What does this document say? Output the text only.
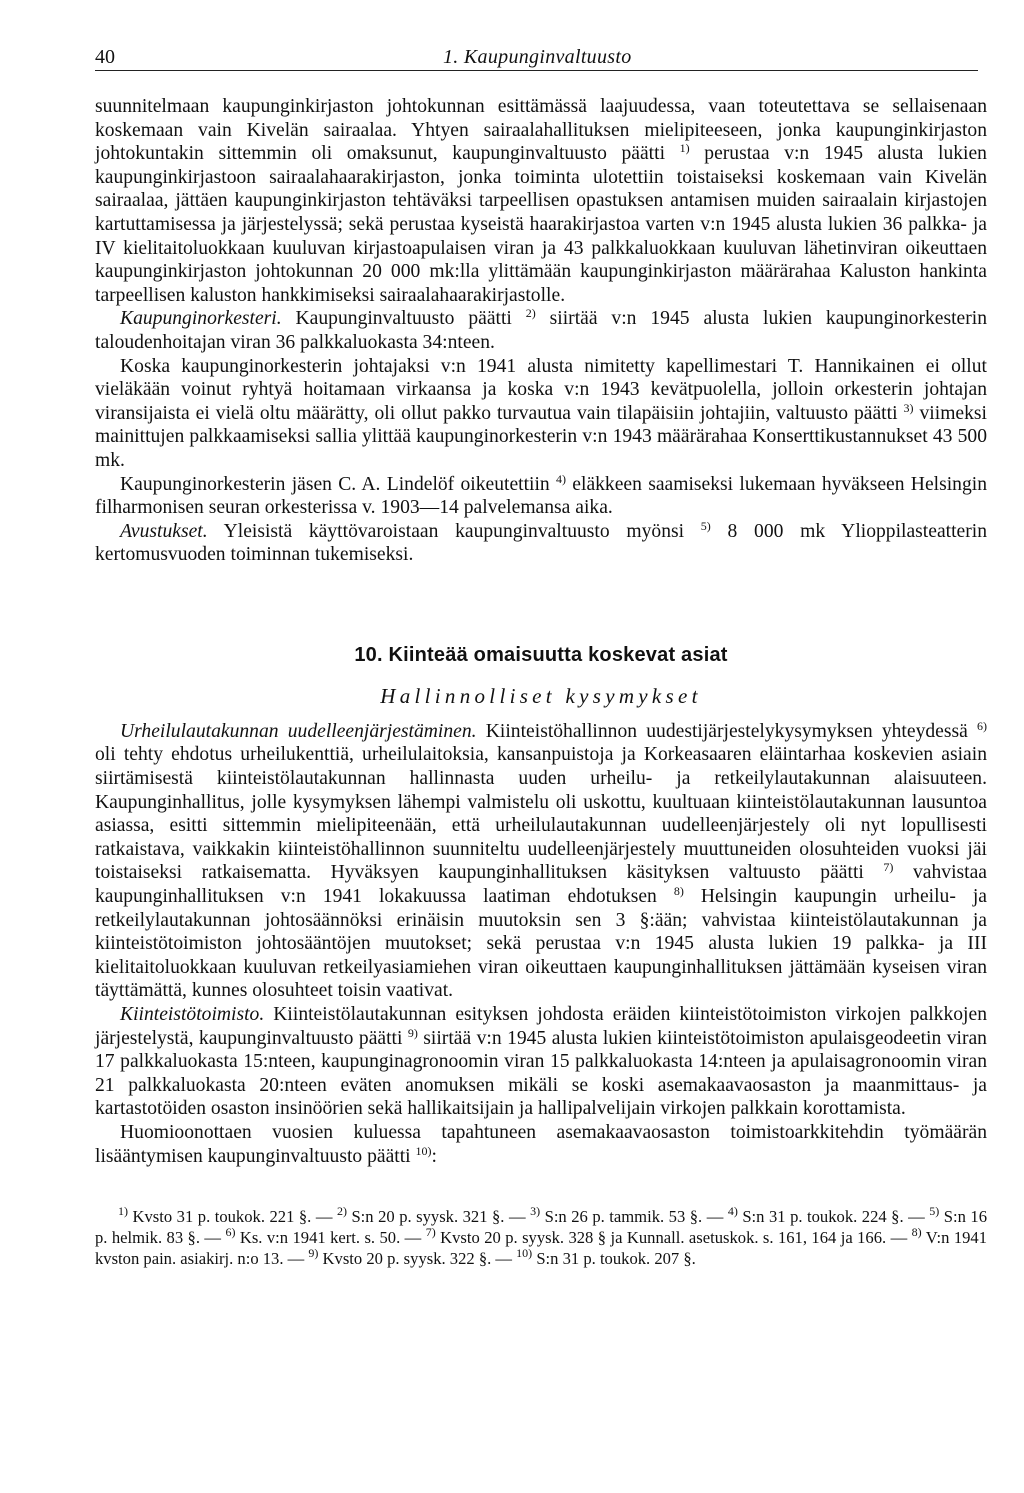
40	1. Kaupunginvaltuusto

suunnitelmaan kaupunginkirjaston johtokunnan esittämässä laajuudessa, vaan toteutettava se sellaisenaan koskemaan vain Kivelän sairaalaa. Yhtyen sairaalahallituksen mielipiteeseen, jonka kaupunginkirjaston johtokuntakin sittemmin oli omaksunut, kaupunginvaltuusto päätti $^{1)}$ perustaa v:n 1945 alusta lukien kaupunginkirjastoon sairaalahaarakirjaston, jonka toiminta ulotettiin toistaiseksi koskemaan vain Kivelän sairaalaa, jättäen kaupunginkirjaston tehtäväksi tarpeellisen opastuksen antamisen muiden sairaalain kirjastojen kartuttamisessa ja järjestelyssä; sekä perustaa kyseistä haarakirjastoa varten v:n 1945 alusta lukien 36 palkka- ja IV kielitaitoluokkaan kuuluvan kirjastoapulaisen viran ja 43 palkkaluokkaan kuuluvan lähetinviran oikeuttaen kaupunginkirjaston johtokunnan 20 000 mk:lla ylittämään kaupunginkirjaston määrärahaa Kaluston hankinta tarpeellisen kaluston hankkimiseksi sairaalahaarakirjastolle.

Kaupunginorkesteri. Kaupunginvaltuusto päätti $^{2)}$ siirtää v:n 1945 alusta lukien kaupunginorkesterin taloudenhoitajan viran 36 palkkaluokasta 34:nteen.

Koska kaupunginorkesterin johtajaksi v:n 1941 alusta nimitetty kapellimestari T. Hannikainen ei ollut vieläkään voinut ryhtyä hoitamaan virkaansa ja koska v:n 1943 kevätpuolella, jolloin orkesterin johtajan viransijaista ei vielä oltu määrätty, oli ollut pakko turvautua vain tilapäisiin johtajiin, valtuusto päätti $^{3)}$ viimeksi mainittujen palkkaamiseksi sallia ylittää kaupunginorkesterin v:n 1943 määrärahaa Konserttikustannukset 43 500 mk.

Kaupunginorkesterin jäsen C. A. Lindelöf oikeutettiin $^{4)}$ eläkkeen saamiseksi lukemaan hyväkseen Helsingin filharmonisen seuran orkesterissa v. 1903—14 palvelemansa aika.

Avustukset. Yleisistä käyttövaroistaan kaupunginvaltuusto myönsi $^{5)}$ 8 000 mk Ylioppilasteatterin kertomusvuoden toiminnan tukemiseksi.

10. Kiinteää omaisuutta koskevat asiat
Hallinnolliset kysymykset

Urheilulautakunnan uudelleenjärjestäminen. Kiinteistöhallinnon uudestijärjestelykysymyksen yhteydessä $^{6)}$ oli tehty ehdotus urheilukenttiä, urheilulaitoksia, kansanpuistoja ja Korkeasaaren eläintarhaa koskevien asiain siirtämisestä kiinteistölautakunnan hallinnasta uuden urheilu- ja retkeilylautakunnan alaisuuteen. Kaupunginhallitus, jolle kysymyksen lähempi valmistelu oli uskottu, kuultuaan kiinteistölautakunnan lausuntoa asiassa, esitti sittemmin mielipiteenään, että urheilulautakunnan uudelleenjärjestely oli nyt lopullisesti ratkaistava, vaikkakin kiinteistöhallinnon suunniteltu uudelleenjärjestely muuttuneiden olosuhteiden vuoksi jäi toistaiseksi ratkaisematta. Hyväksyen kaupunginhallituksen käsityksen valtuusto päätti $^{7)}$ vahvistaa kaupunginhallituksen v:n 1941 lokakuussa laatiman ehdotuksen $^{8)}$ Helsingin kaupungin urheilu- ja retkeilylautakunnan johtosäännöksi erinäisin muutoksin sen 3 §:ään; vahvistaa kiinteistölautakunnan ja kiinteistötoimiston johtosääntöjen muutokset; sekä perustaa v:n 1945 alusta lukien 19 palkka- ja III kielitaitoluokkaan kuuluvan retkeilyasiamiehen viran oikeuttaen kaupunginhallituksen jättämään kyseisen viran täyttämättä, kunnes olosuhteet toisin vaativat.

Kiinteistötoimisto. Kiinteistölautakunnan esityksen johdosta eräiden kiinteistötoimiston virkojen palkkojen järjestelystä, kaupunginvaltuusto päätti $^{9)}$ siirtää v:n 1945 alusta lukien kiinteistötoimiston apulaisgeodeetin viran 17 palkkaluokasta 15:nteen, kaupunginagronoomin viran 15 palkkaluokasta 14:nteen ja apulaisagronoomin viran 21 palkkaluokasta 20:nteen eväten anomuksen mikäli se koski asemakaavaosaston ja maanmittaus- ja kartastotöiden osaston insinöörien sekä hallikaitsijain ja hallipalvelijain virkojen palkkain korottamista.

Huomioonottaen vuosien kuluessa tapahtuneen asemakaavaosaston toimistoarkkitehdin työmäärän lisääntymisen kaupunginvaltuusto päätti $^{10)}$:

$^{1)}$ Kvsto 31 p. toukok. 221 §. — $^{2)}$ S:n 20 p. syysk. 321 §. — $^{3)}$ S:n 26 p. tammik. 53 §. — $^{4)}$ S:n 31 p. toukok. 224 §. — $^{5)}$ S:n 16 p. helmik. 83 §. — $^{6)}$ Ks. v:n 1941 kert. s. 50. — $^{7)}$ Kvsto 20 p. syysk. 328 § ja Kunnall. asetuskok. s. 161, 164 ja 166. — $^{8)}$ V:n 1941 kvston pain. asiakirj. n:o 13. — $^{9)}$ Kvsto 20 p. syysk. 322 §. — $^{10)}$ S:n 31 p. toukok. 207 §.
